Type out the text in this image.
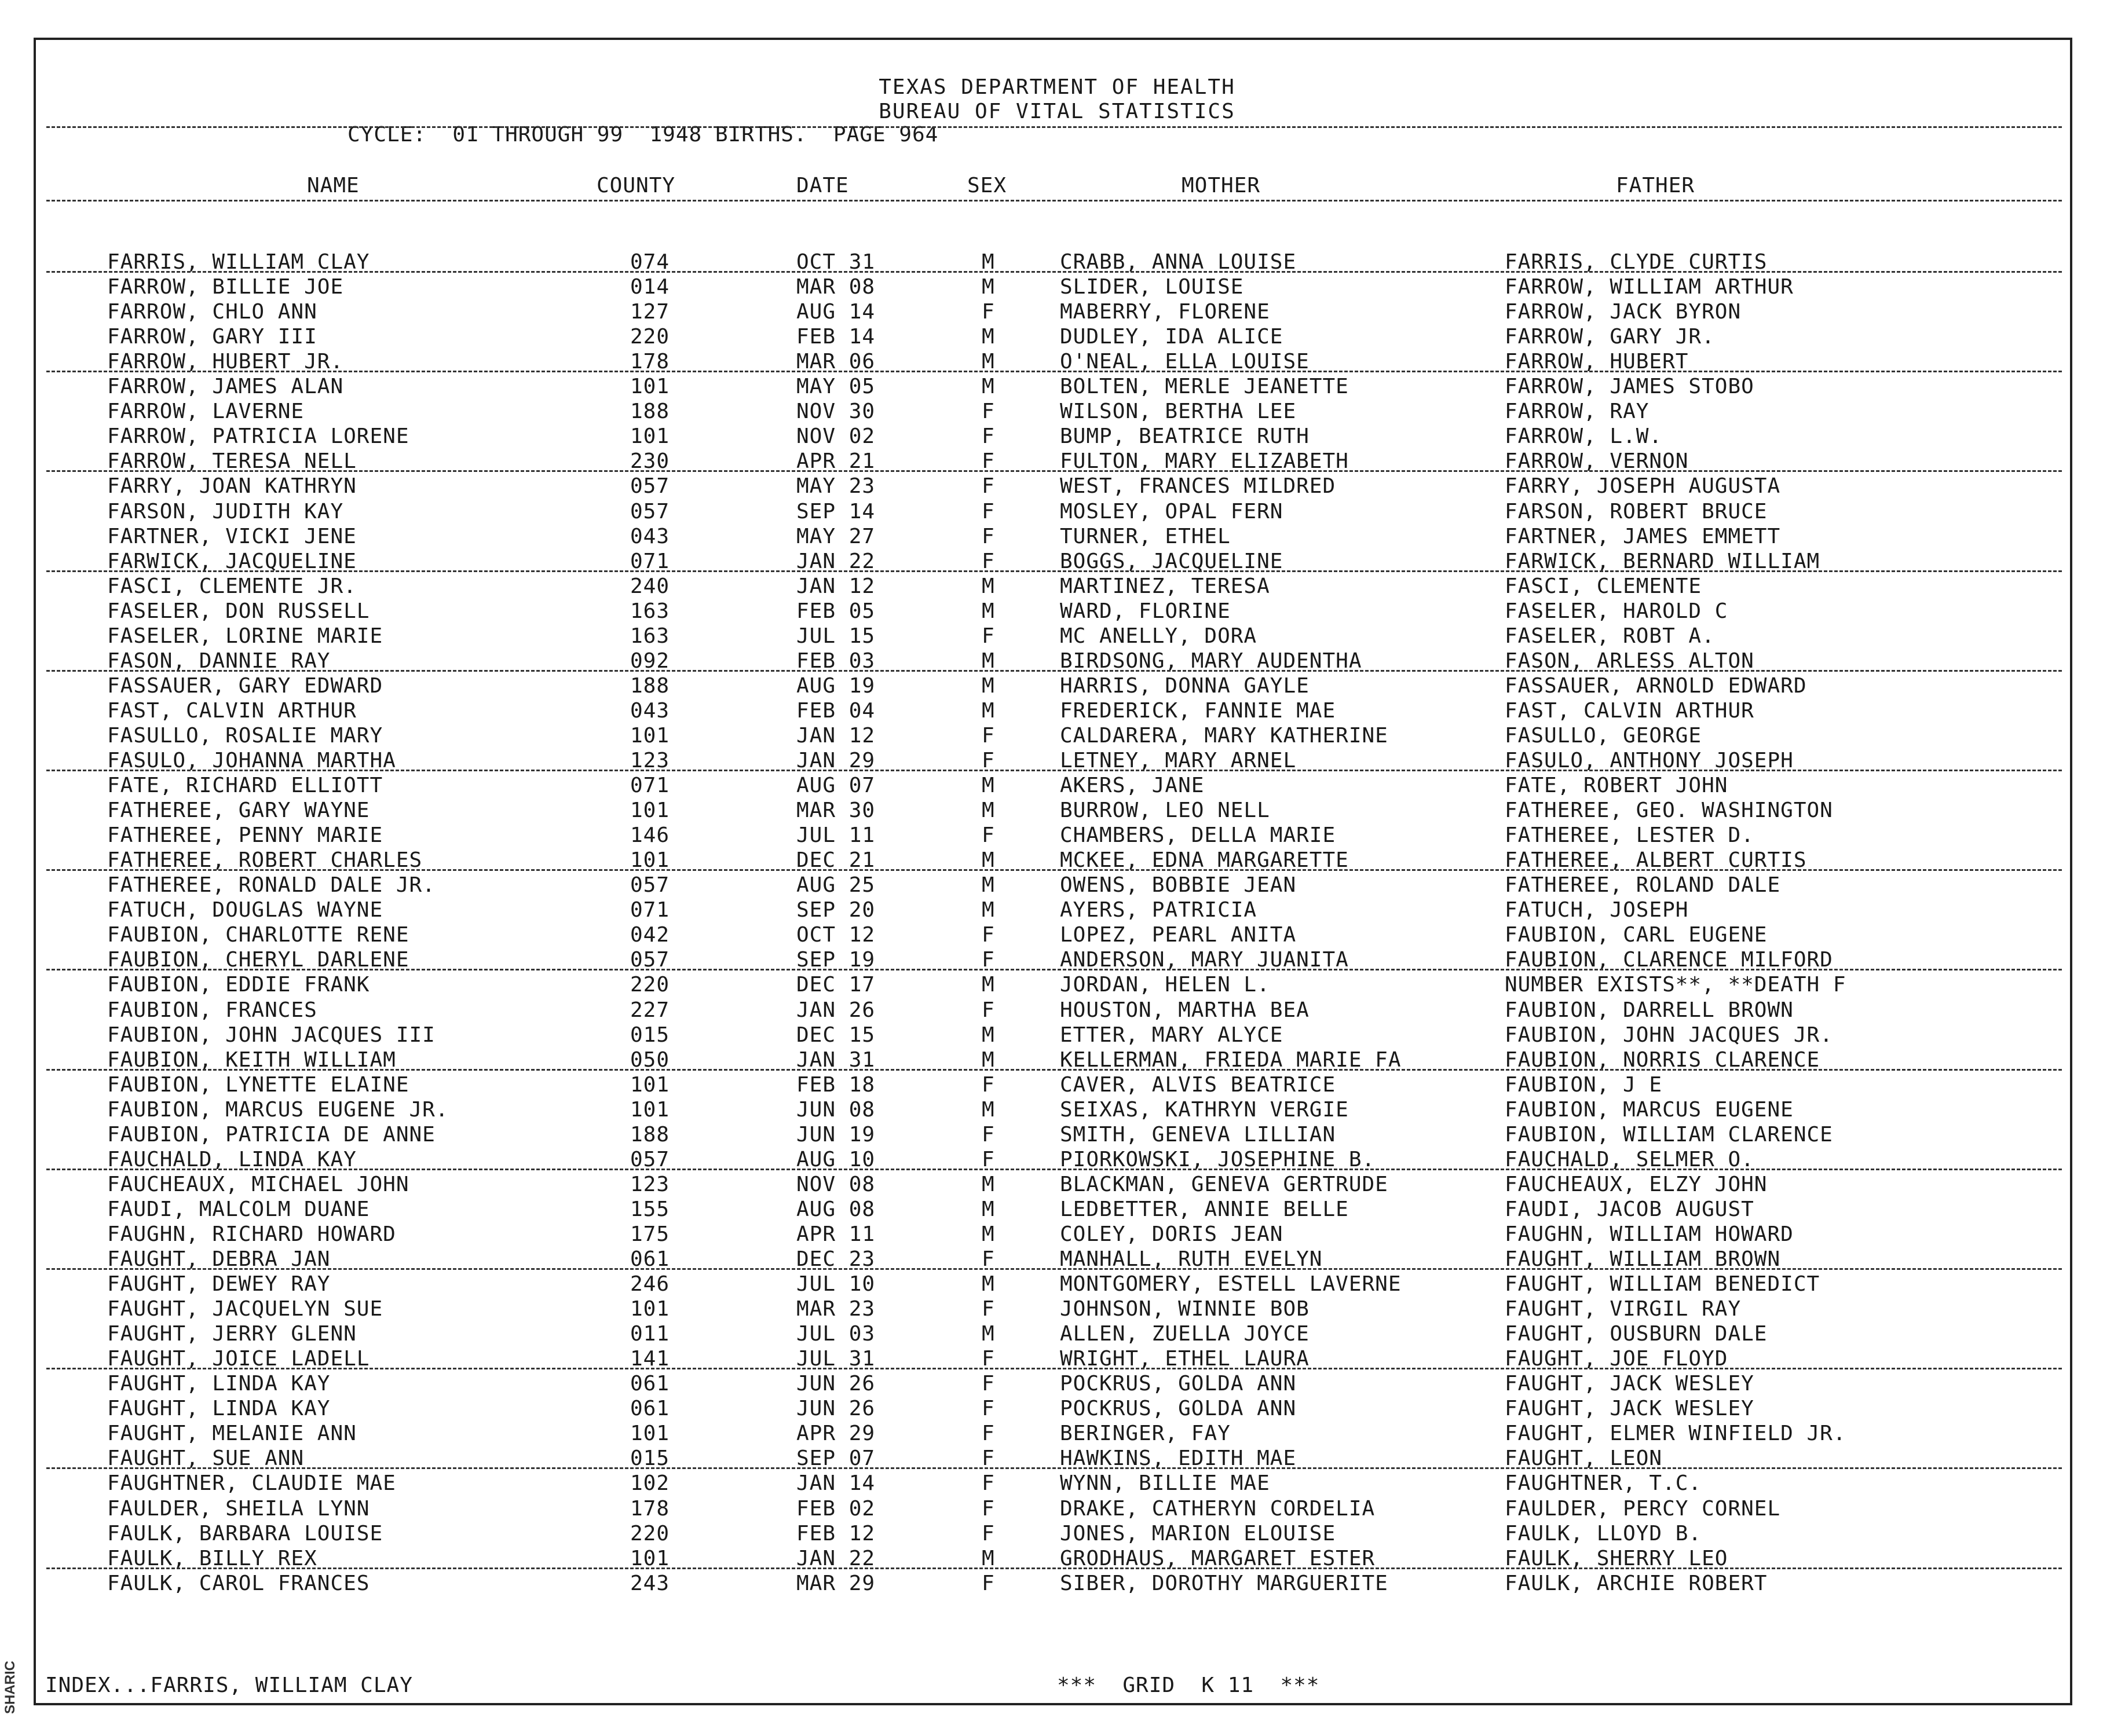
SHARIC
TEXAS DEPARTMENT OF HEALTH
BUREAU OF VITAL STATISTICS
CYCLE:  01 THROUGH 99  1948 BIRTHS.  PAGE 964
NAME	COUNTY	DATE	SEX	MOTHER	FATHER
FARRIS, WILLIAM CLAY	074	OCT 31	M	CRABB, ANNA LOUISE	FARRIS, CLYDE CURTIS
FARROW, BILLIE JOE	014	MAR 08	M	SLIDER, LOUISE	FARROW, WILLIAM ARTHUR
FARROW, CHLO ANN	127	AUG 14	F	MABERRY, FLORENE	FARROW, JACK BYRON
FARROW, GARY III	220	FEB 14	M	DUDLEY, IDA ALICE	FARROW, GARY JR.
FARROW, HUBERT JR.	178	MAR 06	M	O'NEAL, ELLA LOUISE	FARROW, HUBERT
FARROW, JAMES ALAN	101	MAY 05	M	BOLTEN, MERLE JEANETTE	FARROW, JAMES STOBO
FARROW, LAVERNE	188	NOV 30	F	WILSON, BERTHA LEE	FARROW, RAY
FARROW, PATRICIA LORENE	101	NOV 02	F	BUMP, BEATRICE RUTH	FARROW, L.W.
FARROW, TERESA NELL	230	APR 21	F	FULTON, MARY ELIZABETH	FARROW, VERNON
FARRY, JOAN KATHRYN	057	MAY 23	F	WEST, FRANCES MILDRED	FARRY, JOSEPH AUGUSTA
FARSON, JUDITH KAY	057	SEP 14	F	MOSLEY, OPAL FERN	FARSON, ROBERT BRUCE
FARTNER, VICKI JENE	043	MAY 27	F	TURNER, ETHEL	FARTNER, JAMES EMMETT
FARWICK, JACQUELINE	071	JAN 22	F	BOGGS, JACQUELINE	FARWICK, BERNARD WILLIAM
FASCI, CLEMENTE JR.	240	JAN 12	M	MARTINEZ, TERESA	FASCI, CLEMENTE
FASELER, DON RUSSELL	163	FEB 05	M	WARD, FLORINE	FASELER, HAROLD C
FASELER, LORINE MARIE	163	JUL 15	F	MC ANELLY, DORA	FASELER, ROBT A.
FASON, DANNIE RAY	092	FEB 03	M	BIRDSONG, MARY AUDENTHA	FASON, ARLESS ALTON
FASSAUER, GARY EDWARD	188	AUG 19	M	HARRIS, DONNA GAYLE	FASSAUER, ARNOLD EDWARD
FAST, CALVIN ARTHUR	043	FEB 04	M	FREDERICK, FANNIE MAE	FAST, CALVIN ARTHUR
FASULLO, ROSALIE MARY	101	JAN 12	F	CALDARERA, MARY KATHERINE	FASULLO, GEORGE
FASULO, JOHANNA MARTHA	123	JAN 29	F	LETNEY, MARY ARNEL	FASULO, ANTHONY JOSEPH
FATE, RICHARD ELLIOTT	071	AUG 07	M	AKERS, JANE	FATE, ROBERT JOHN
FATHEREE, GARY WAYNE	101	MAR 30	M	BURROW, LEO NELL	FATHEREE, GEO. WASHINGTON
FATHEREE, PENNY MARIE	146	JUL 11	F	CHAMBERS, DELLA MARIE	FATHEREE, LESTER D.
FATHEREE, ROBERT CHARLES	101	DEC 21	M	MCKEE, EDNA MARGARETTE	FATHEREE, ALBERT CURTIS
FATHEREE, RONALD DALE JR.	057	AUG 25	M	OWENS, BOBBIE JEAN	FATHEREE, ROLAND DALE
FATUCH, DOUGLAS WAYNE	071	SEP 20	M	AYERS, PATRICIA	FATUCH, JOSEPH
FAUBION, CHARLOTTE RENE	042	OCT 12	F	LOPEZ, PEARL ANITA	FAUBION, CARL EUGENE
FAUBION, CHERYL DARLENE	057	SEP 19	F	ANDERSON, MARY JUANITA	FAUBION, CLARENCE MILFORD
FAUBION, EDDIE FRANK	220	DEC 17	M	JORDAN, HELEN L.	NUMBER EXISTS**, **DEATH F
FAUBION, FRANCES	227	JAN 26	F	HOUSTON, MARTHA BEA	FAUBION, DARRELL BROWN
FAUBION, JOHN JACQUES III	015	DEC 15	M	ETTER, MARY ALYCE	FAUBION, JOHN JACQUES JR.
FAUBION, KEITH WILLIAM	050	JAN 31	M	KELLERMAN, FRIEDA MARIE FA	FAUBION, NORRIS CLARENCE
FAUBION, LYNETTE ELAINE	101	FEB 18	F	CAVER, ALVIS BEATRICE	FAUBION, J E
FAUBION, MARCUS EUGENE JR.	101	JUN 08	M	SEIXAS, KATHRYN VERGIE	FAUBION, MARCUS EUGENE
FAUBION, PATRICIA DE ANNE	188	JUN 19	F	SMITH, GENEVA LILLIAN	FAUBION, WILLIAM CLARENCE
FAUCHALD, LINDA KAY	057	AUG 10	F	PIORKOWSKI, JOSEPHINE B.	FAUCHALD, SELMER O.
FAUCHEAUX, MICHAEL JOHN	123	NOV 08	M	BLACKMAN, GENEVA GERTRUDE	FAUCHEAUX, ELZY JOHN
FAUDI, MALCOLM DUANE	155	AUG 08	M	LEDBETTER, ANNIE BELLE	FAUDI, JACOB AUGUST
FAUGHN, RICHARD HOWARD	175	APR 11	M	COLEY, DORIS JEAN	FAUGHN, WILLIAM HOWARD
FAUGHT, DEBRA JAN	061	DEC 23	F	MANHALL, RUTH EVELYN	FAUGHT, WILLIAM BROWN
FAUGHT, DEWEY RAY	246	JUL 10	M	MONTGOMERY, ESTELL LAVERNE	FAUGHT, WILLIAM BENEDICT
FAUGHT, JACQUELYN SUE	101	MAR 23	F	JOHNSON, WINNIE BOB	FAUGHT, VIRGIL RAY
FAUGHT, JERRY GLENN	011	JUL 03	M	ALLEN, ZUELLA JOYCE	FAUGHT, OUSBURN DALE
FAUGHT, JOICE LADELL	141	JUL 31	F	WRIGHT, ETHEL LAURA	FAUGHT, JOE FLOYD
FAUGHT, LINDA KAY	061	JUN 26	F	POCKRUS, GOLDA ANN	FAUGHT, JACK WESLEY
FAUGHT, LINDA KAY	061	JUN 26	F	POCKRUS, GOLDA ANN	FAUGHT, JACK WESLEY
FAUGHT, MELANIE ANN	101	APR 29	F	BERINGER, FAY	FAUGHT, ELMER WINFIELD JR.
FAUGHT, SUE ANN	015	SEP 07	F	HAWKINS, EDITH MAE	FAUGHT, LEON
FAUGHTNER, CLAUDIE MAE	102	JAN 14	F	WYNN, BILLIE MAE	FAUGHTNER, T.C.
FAULDER, SHEILA LYNN	178	FEB 02	F	DRAKE, CATHERYN CORDELIA	FAULDER, PERCY CORNEL
FAULK, BARBARA LOUISE	220	FEB 12	F	JONES, MARION ELOUISE	FAULK, LLOYD B.
FAULK, BILLY REX	101	JAN 22	M	GRODHAUS, MARGARET ESTER	FAULK, SHERRY LEO
FAULK, CAROL FRANCES	243	MAR 29	F	SIBER, DOROTHY MARGUERITE	FAULK, ARCHIE ROBERT
INDEX...FARRIS, WILLIAM CLAY	***  GRID  K 11  ***
